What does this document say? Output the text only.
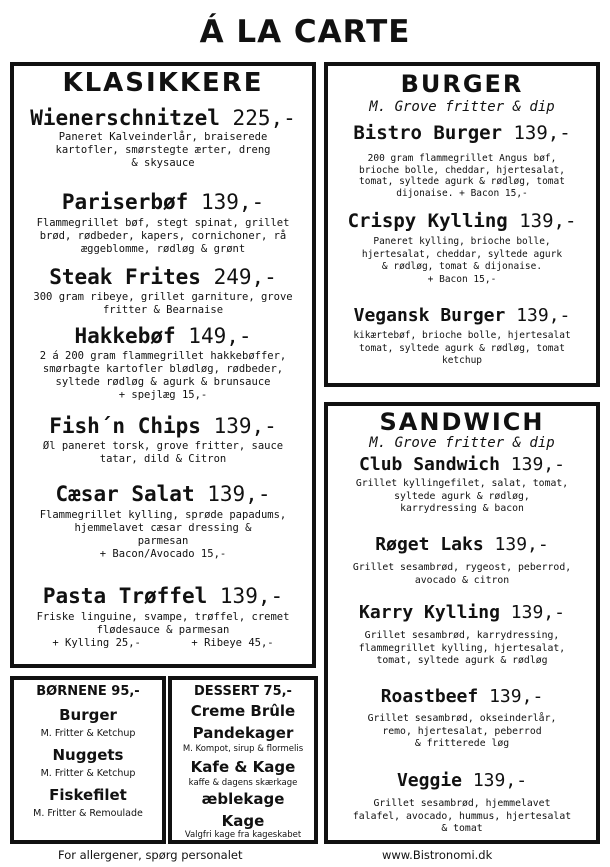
Á LA CARTE
KLASIKKERE
Wienerschnitzel 225,-
Paneret Kalveinderlår, braiserede
kartofler, smørstegte ærter, dreng
& skysauce
Pariserbøf 139,-
Flammegrillet bøf, stegt spinat, grillet
brød, rødbeder, kapers, cornichoner, rå
æggeblomme, rødløg & grønt
Steak Frites 249,-
300 gram ribeye, grillet garniture, grove
fritter & Bearnaise
Hakkebøf 149,-
2 á 200 gram flammegrillet hakkebøffer,
smørbagte kartofler blødløg, rødbeder,
syltede rødløg & agurk & brunsauce
+ spejlæg 15,-
Fish´n Chips 139,-
Øl paneret torsk, grove fritter, sauce
tatar, dild & Citron
Cæsar Salat 139,-
Flammegrillet kylling, sprøde papadums,
hjemmelavet cæsar dressing &
parmesan
+ Bacon/Avocado 15,-
Pasta Trøffel 139,-
Friske linguine, svampe, trøffel, cremet
flødesauce & parmesan
+ Kylling 25,-        + Ribeye 45,-
BURGER
M. Grove fritter & dip
Bistro Burger 139,-
200 gram flammegrillet Angus bøf,
brioche bolle, cheddar, hjertesalat,
tomat, syltede agurk & rødløg, tomat
dijonaise. + Bacon 15,-
Crispy Kylling 139,-
Paneret kylling, brioche bolle,
hjertesalat, cheddar, syltede agurk
& rødløg, tomat & dijonaise.
+ Bacon 15,-
Vegansk Burger 139,-
kikærtebøf, brioche bolle, hjertesalat
tomat, syltede agurk & rødløg, tomat
ketchup
SANDWICH
M. Grove fritter & dip
Club Sandwich 139,-
Grillet kyllingefilet, salat, tomat,
syltede agurk & rødløg,
karrydressing & bacon
Røget Laks 139,-
Grillet sesambrød, rygeost, peberrod,
avocado & citron
Karry Kylling 139,-
Grillet sesambrød, karrydressing,
flammegrillet kylling, hjertesalat,
tomat, syltede agurk & rødløg
Roastbeef 139,-
Grillet sesambrød, okseinderlår,
remo, hjertesalat, peberrod
& fritterede løg
Veggie 139,-
Grillet sesambrød, hjemmelavet
falafel, avocado, hummus, hjertesalat
& tomat
BØRNENE 95,-
Burger
M. Fritter & Ketchup
Nuggets
M. Fritter & Ketchup
Fiskefilet
M. Fritter & Remoulade
DESSERT 75,-
Creme Brûle
Pandekager
M. Kompot, sirup & flormelis
Kafe & Kage
kaffe & dagens skærkage
æblekage
Kage
Valgfri kage fra kageskabet
For allergener, spørg personalet	www.Bistronomi.dk
